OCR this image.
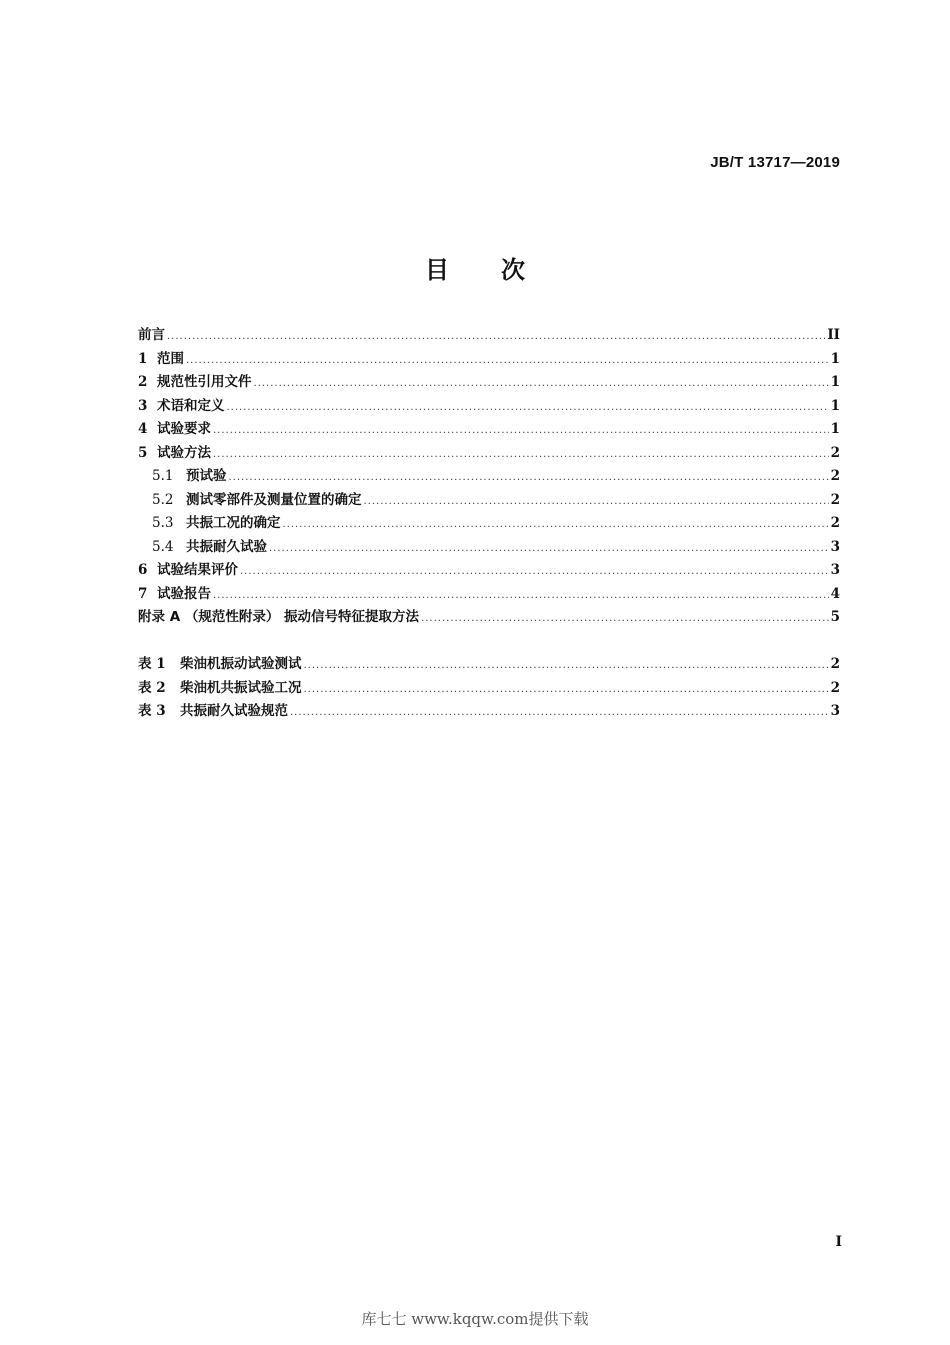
JB/T 13717—2019
目 次
前言 .....	II
1 范围 .....	1
2 规范性引用文件 .....	1
3 术语和定义 .....	1
4 试验要求 .....	1
5 试验方法 .....	2
5.1 预试验 .....	2
5.2 测试零部件及测量位置的确定 .....	2
5.3 共振工况的确定 .....	2
5.4 共振耐久试验 .....	3
6 试验结果评价 .....	3
7 试验报告 .....	4
附录 A （规范性附录） 振动信号特征提取方法 .....	5
表 1	柴油机振动试验测试 .....	2
表 2	柴油机共振试验工况 .....	2
表 3	共振耐久试验规范 .....	3
I
库七七 www.kqqw.com提供下载
